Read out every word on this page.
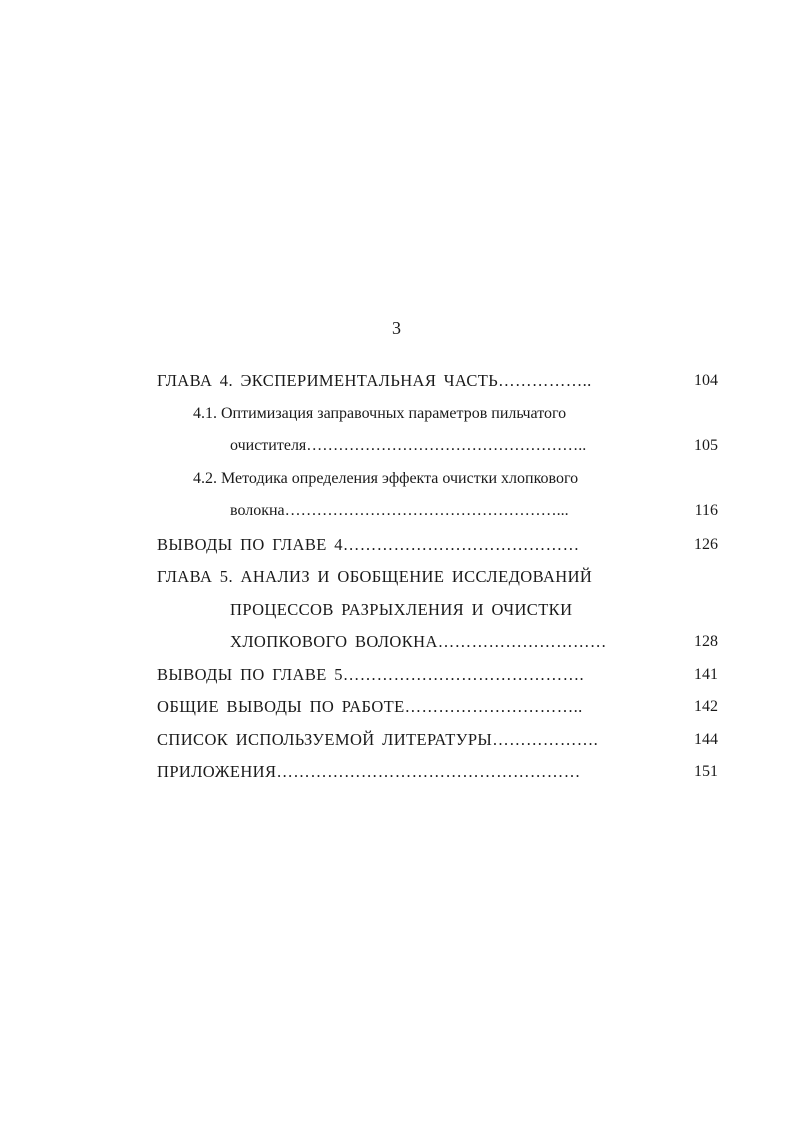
3
ГЛАВА 4. ЭКСПЕРИМЕНТАЛЬНАЯ ЧАСТЬ……………..	104
4.1. Оптимизация заправочных параметров пильчатого
очистителя……………………………………………..	105
4.2. Методика определения эффекта очистки хлопкового
волокна……………………………………………...	116
ВЫВОДЫ ПО ГЛАВЕ 4……………………………………	126
ГЛАВА 5. АНАЛИЗ И ОБОБЩЕНИЕ ИССЛЕДОВАНИЙ
ПРОЦЕССОВ РАЗРЫХЛЕНИЯ И ОЧИСТКИ
ХЛОПКОВОГО ВОЛОКНА…………………………	128
ВЫВОДЫ ПО ГЛАВЕ 5…………………………………….	141
ОБЩИЕ ВЫВОДЫ ПО РАБОТЕ…………………………..	142
СПИСОК ИСПОЛЬЗУЕМОЙ ЛИТЕРАТУРЫ……………….	144
ПРИЛОЖЕНИЯ………………………………………………	151
